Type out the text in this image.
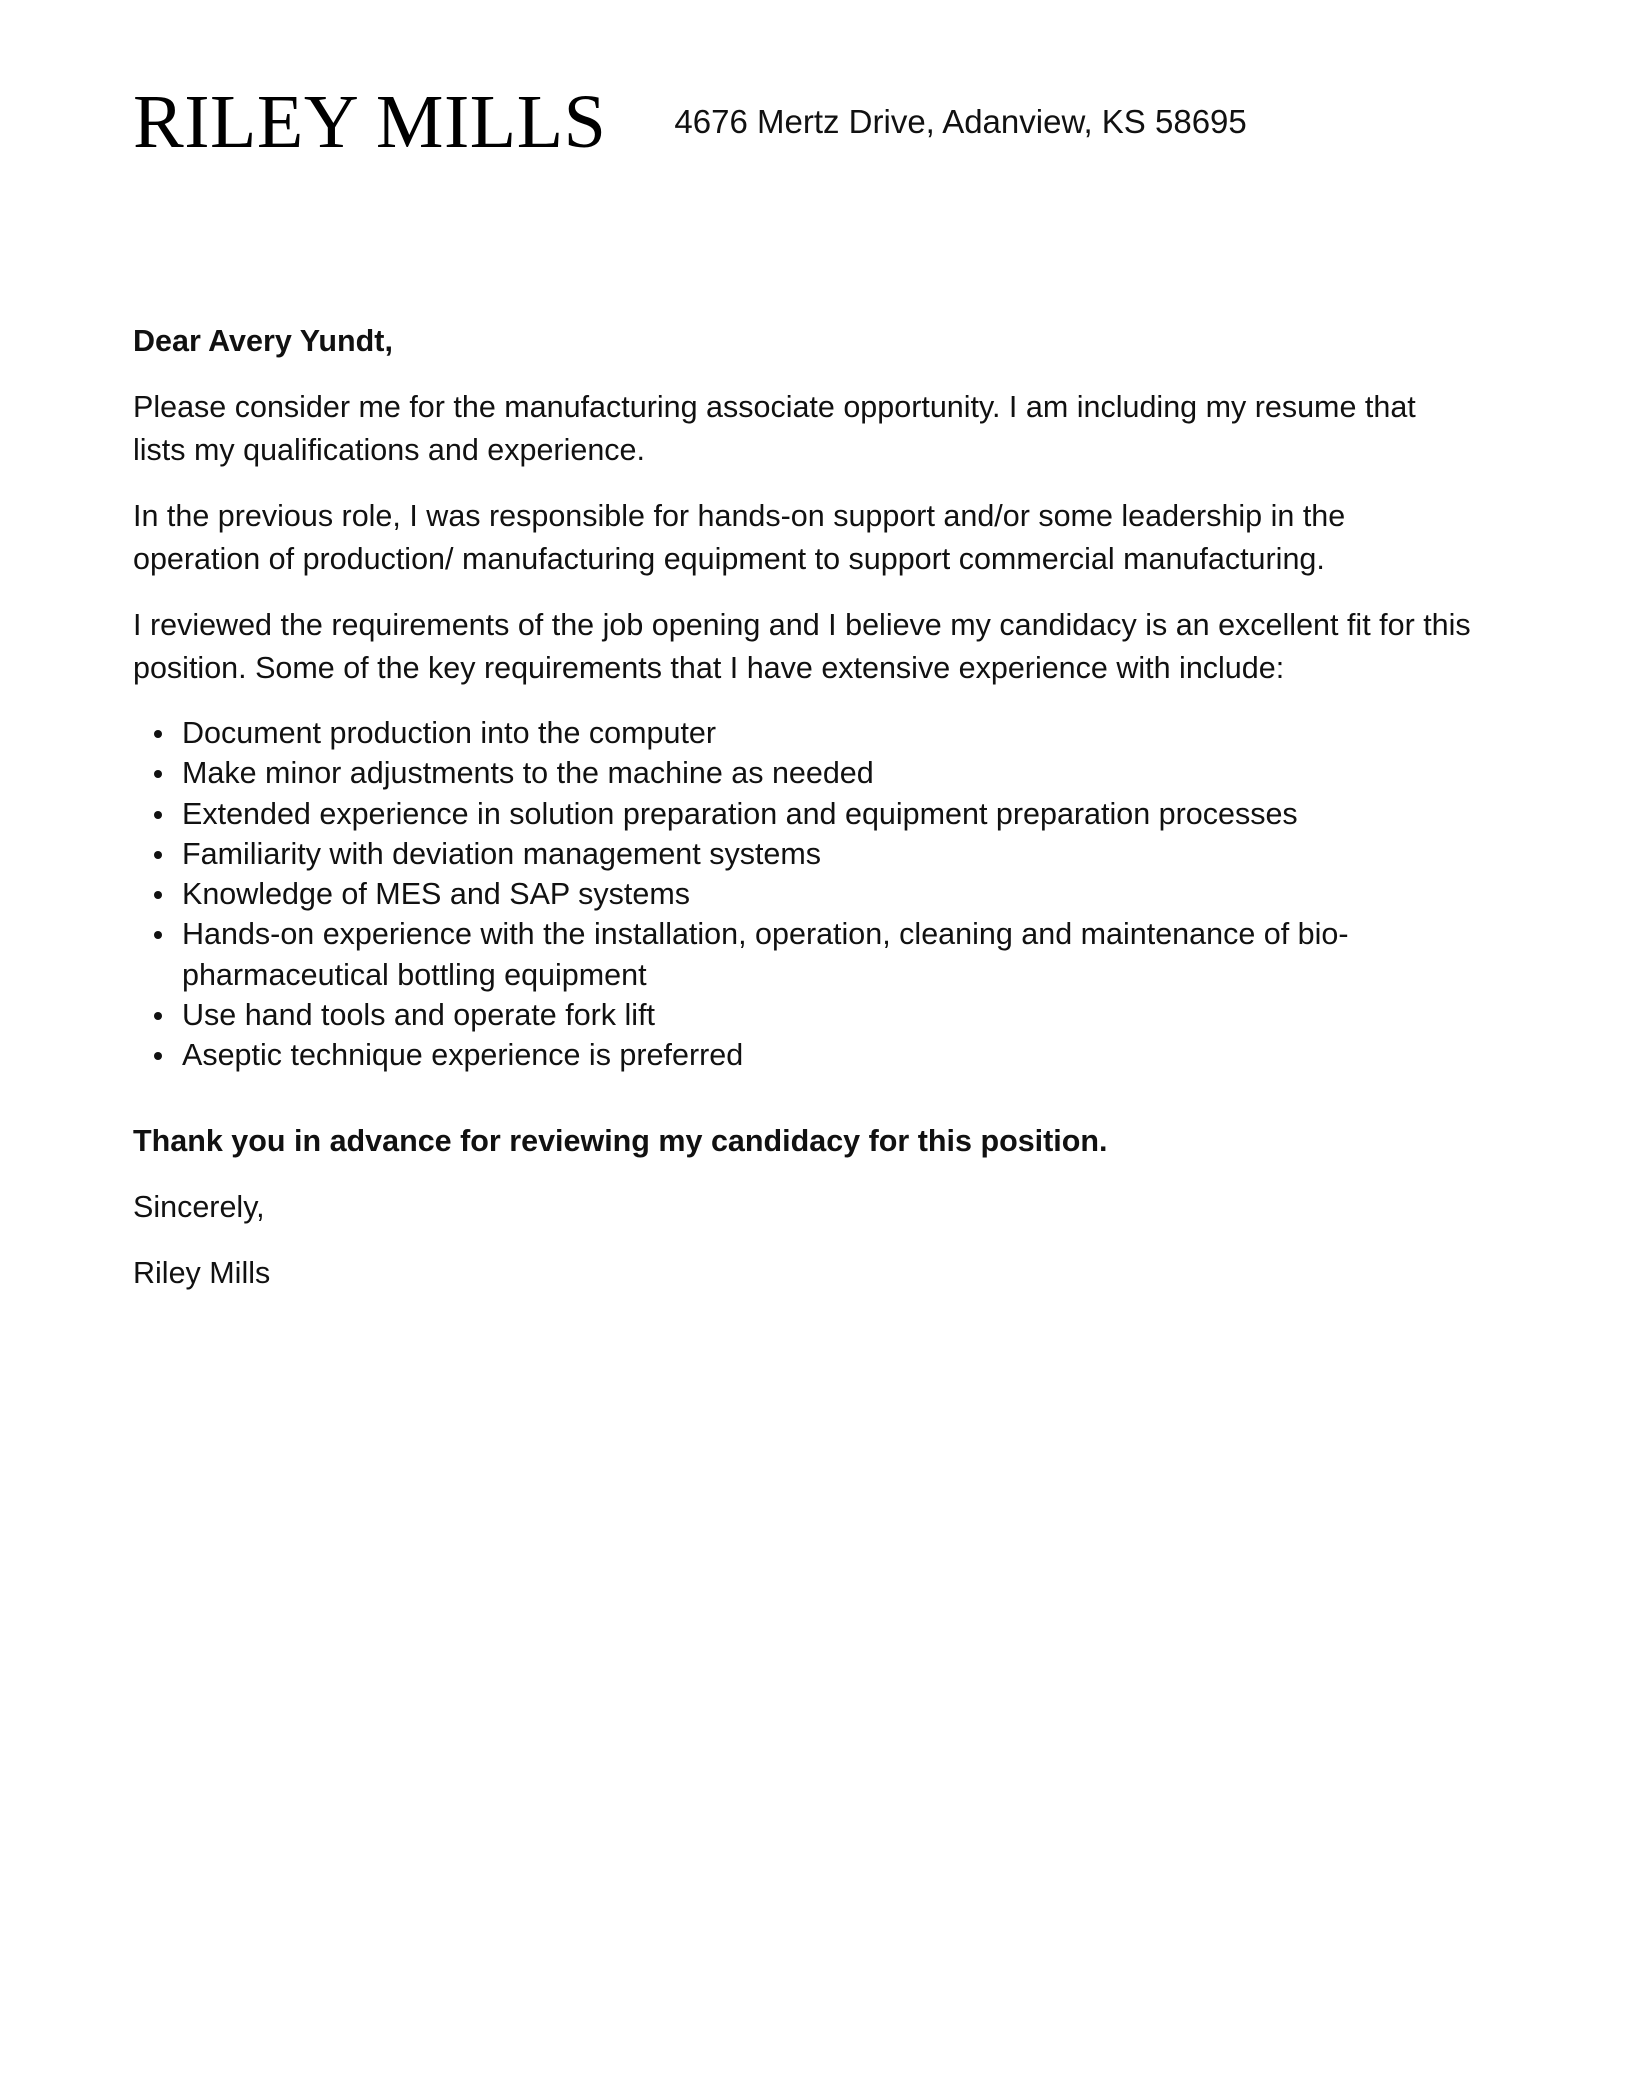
RILEY MILLS 4676 Mertz Drive, Adanview, KS 58695

Dear Avery Yundt,

Please consider me for the manufacturing associate opportunity. I am including my resume that lists my qualifications and experience.

In the previous role, I was responsible for hands-on support and/or some leadership in the operation of production/ manufacturing equipment to support commercial manufacturing.

I reviewed the requirements of the job opening and I believe my candidacy is an excellent fit for this position. Some of the key requirements that I have extensive experience with include:

Document production into the computer
Make minor adjustments to the machine as needed
Extended experience in solution preparation and equipment preparation processes
Familiarity with deviation management systems
Knowledge of MES and SAP systems
Hands-on experience with the installation, operation, cleaning and maintenance of bio-pharmaceutical bottling equipment
Use hand tools and operate fork lift
Aseptic technique experience is preferred

Thank you in advance for reviewing my candidacy for this position.

Sincerely,

Riley Mills
